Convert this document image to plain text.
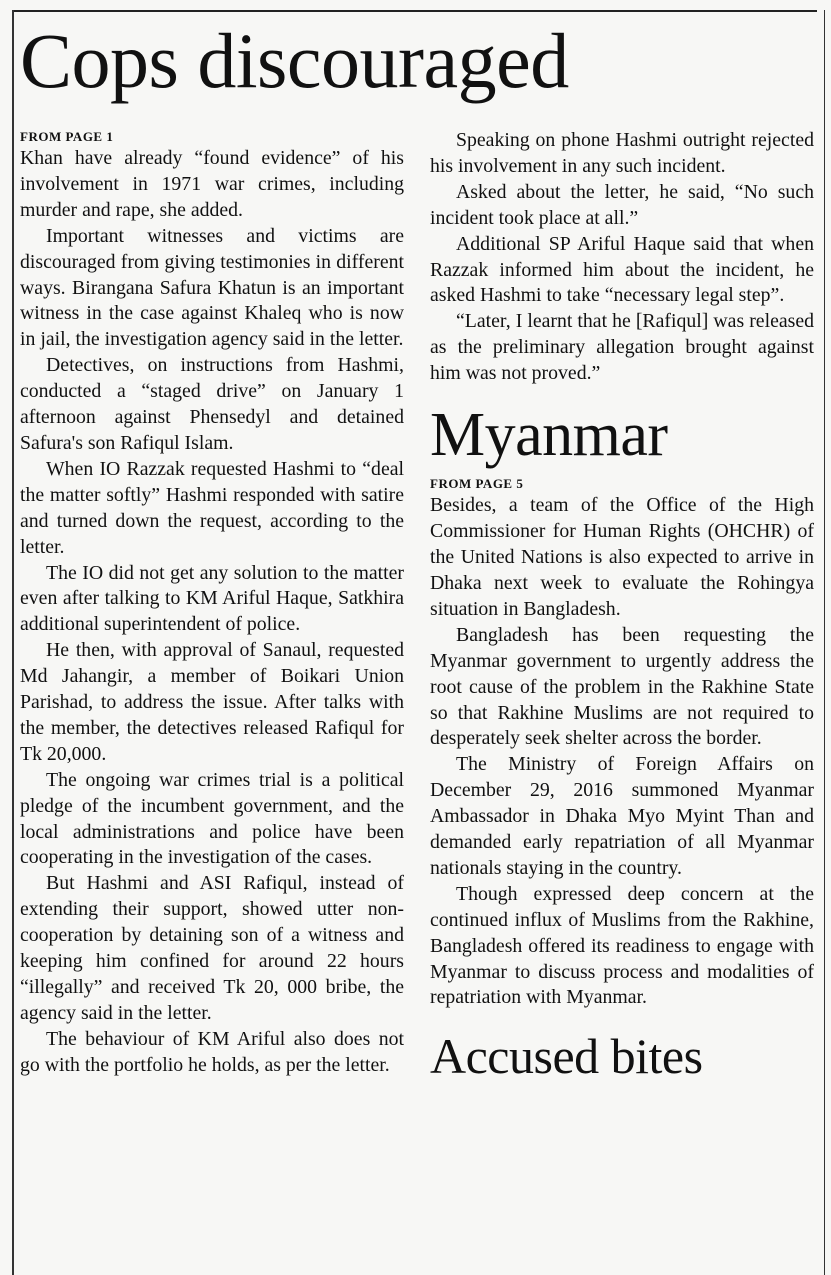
Cops discouraged
FROM PAGE 1

Khan have already “found evidence” of his involvement in 1971 war crimes, including murder and rape, she added.

Important witnesses and victims are discouraged from giving testimonies in different ways. Birangana Safura Khatun is an important witness in the case against Khaleq who is now in jail, the investigation agency said in the letter.

Detectives, on instructions from Hashmi, conducted a “staged drive” on January 1 afternoon against Phensedyl and detained Safura's son Rafiqul Islam.

When IO Razzak requested Hashmi to “deal the matter softly” Hashmi responded with satire and turned down the request, according to the letter.

The IO did not get any solution to the matter even after talking to KM Ariful Haque, Satkhira additional superintendent of police.

He then, with approval of Sanaul, requested Md Jahangir, a member of Boikari Union Parishad, to address the issue. After talks with the member, the detectives released Rafiqul for Tk 20,000.

The ongoing war crimes trial is a political pledge of the incumbent government, and the local administrations and police have been cooperating in the investigation of the cases.

But Hashmi and ASI Rafiqul, instead of extending their support, showed utter non-cooperation by detaining son of a witness and keeping him confined for around 22 hours “illegally” and received Tk 20, 000 bribe, the agency said in the letter.

The behaviour of KM Ariful also does not go with the portfolio he holds, as per the letter.

Speaking on phone Hashmi outright rejected his involvement in any such incident.

Asked about the letter, he said, “No such incident took place at all.”

Additional SP Ariful Haque said that when Razzak informed him about the incident, he asked Hashmi to take “necessary legal step”.

“Later, I learnt that he [Rafiqul] was released as the preliminary allegation brought against him was not proved.”

Myanmar
FROM PAGE 5

Besides, a team of the Office of the High Commissioner for Human Rights (OHCHR) of the United Nations is also expected to arrive in Dhaka next week to evaluate the Rohingya situation in Bangladesh.

Bangladesh has been requesting the Myanmar government to urgently address the root cause of the problem in the Rakhine State so that Rakhine Muslims are not required to desperately seek shelter across the border.

The Ministry of Foreign Affairs on December 29, 2016 summoned Myanmar Ambassador in Dhaka Myo Myint Than and demanded early repatriation of all Myanmar nationals staying in the country.

Though expressed deep concern at the continued influx of Muslims from the Rakhine, Bangladesh offered its readiness to engage with Myanmar to discuss process and modalities of repatriation with Myanmar.

Accused bites
